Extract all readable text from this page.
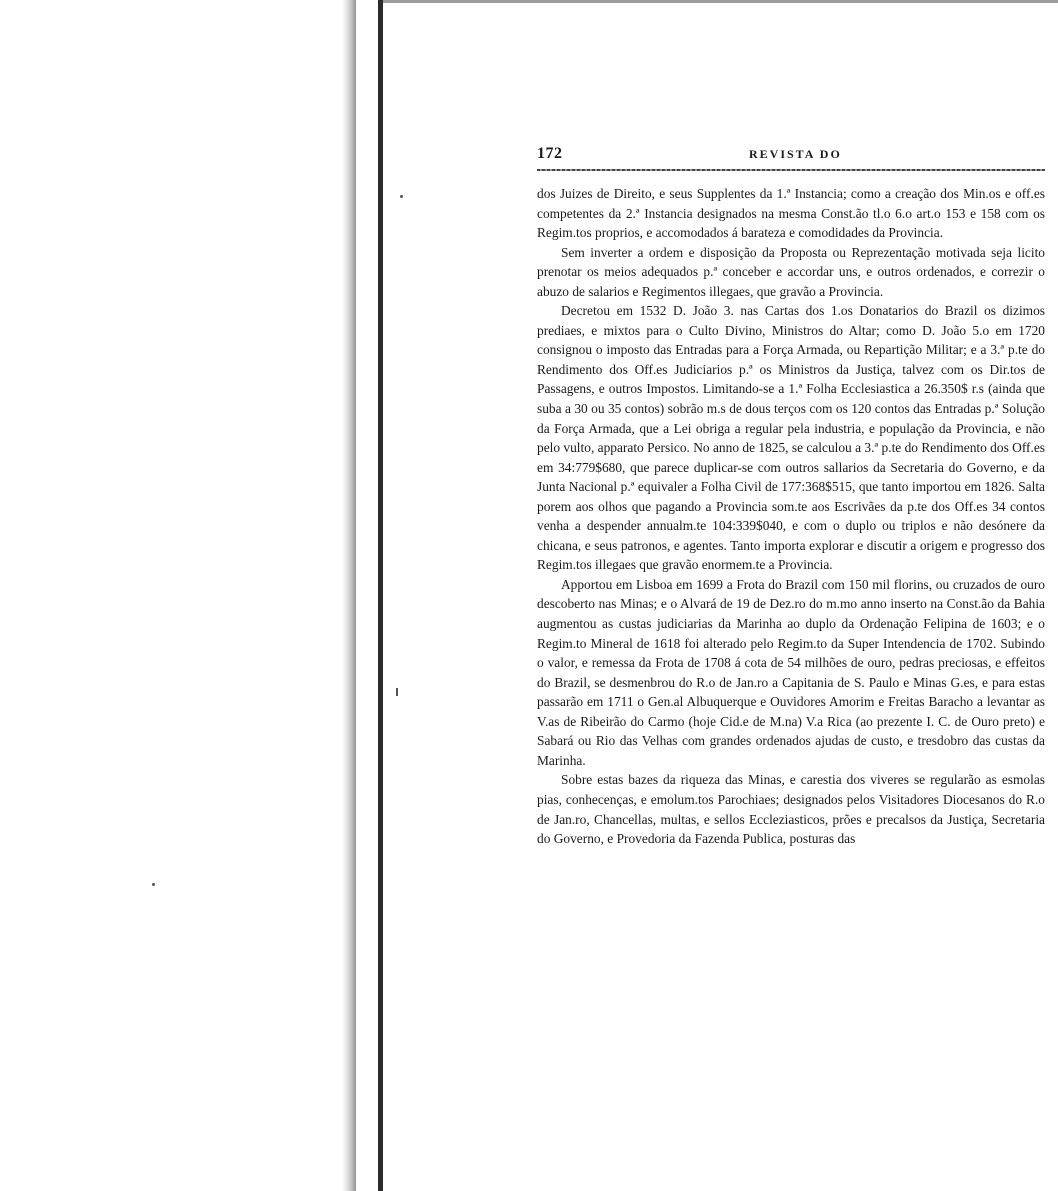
172	REVISTA DO

dos Juizes de Direito, e seus Supplentes da 1.ª Instancia; como a creação dos Min.os e off.es competentes da 2.ª Instancia designados na mesma Const.ão tl.o 6.o art.o 153 e 158 com os Regim.tos proprios, e accomodados á barateza e comodidades da Provincia.

Sem inverter a ordem e disposição da Proposta ou Reprezentação motivada seja licito prenotar os meios adequados p.ª conceber e accordar uns, e outros ordenados, e correzir o abuzo de salarios e Regimentos illegaes, que gravão a Provincia.

Decretou em 1532 D. João 3. nas Cartas dos 1.os Donatarios do Brazil os dizimos prediaes, e mixtos para o Culto Divino, Ministros do Altar; como D. João 5.o em 1720 consignou o imposto das Entradas para a Força Armada, ou Repartição Militar; e a 3.ª p.te do Rendimento dos Off.es Judiciarios p.ª os Ministros da Justiça, talvez com os Dir.tos de Passagens, e outros Impostos. Limitando-se a 1.ª Folha Ecclesiastica a 26.350$ r.s (ainda que suba a 30 ou 35 contos) sobrão m.s de dous terços com os 120 contos das Entradas p.ª Solução da Força Armada, que a Lei obriga a regular pela industria, e população da Provincia, e não pelo vulto, apparato Persico. No anno de 1825, se calculou a 3.ª p.te do Rendimento dos Off.es em 34:779$680, que parece duplicar-se com outros sallarios da Secretaria do Governo, e da Junta Nacional p.ª equivaler a Folha Civil de 177:368$515, que tanto importou em 1826. Salta porem aos olhos que pagando a Provincia som.te aos Escrivães da p.te dos Off.es 34 contos venha a despender annualm.te 104:339$040, e com o duplo ou triplos e não desónere da chicana, e seus patronos, e agentes. Tanto importa explorar e discutir a origem e progresso dos Regim.tos illegaes que gravão enormem.te a Provincia.

Apportou em Lisboa em 1699 a Frota do Brazil com 150 mil florins, ou cruzados de ouro descoberto nas Minas; e o Alvará de 19 de Dez.ro do m.mo anno inserto na Const.ão da Bahia augmentou as custas judiciarias da Marinha ao duplo da Ordenação Felipina de 1603; e o Regim.to Mineral de 1618 foi alterado pelo Regim.to da Super Intendencia de 1702. Subindo o valor, e remessa da Frota de 1708 á cota de 54 milhões de ouro, pedras preciosas, e effeitos do Brazil, se desmenbrou do R.o de Jan.ro a Capitania de S. Paulo e Minas G.es, e para estas passarão em 1711 o Gen.al Albuquerque e Ouvidores Amorim e Freitas Baracho a levantar as V.as de Ribeirão do Carmo (hoje Cid.e de M.na) V.a Rica (ao prezente I. C. de Ouro preto) e Sabará ou Rio das Velhas com grandes ordenados ajudas de custo, e tresdobro das custas da Marinha.

Sobre estas bazes da riqueza das Minas, e carestia dos viveres se regularão as esmolas pias, conhecenças, e emolum.tos Parochiaes; designados pelos Visitadores Diocesanos do R.o de Jan.ro, Chancellas, multas, e sellos Eccleziasticos, prões e precalsos da Justiça, Secretaria do Governo, e Provedoria da Fazenda Publica, posturas das
